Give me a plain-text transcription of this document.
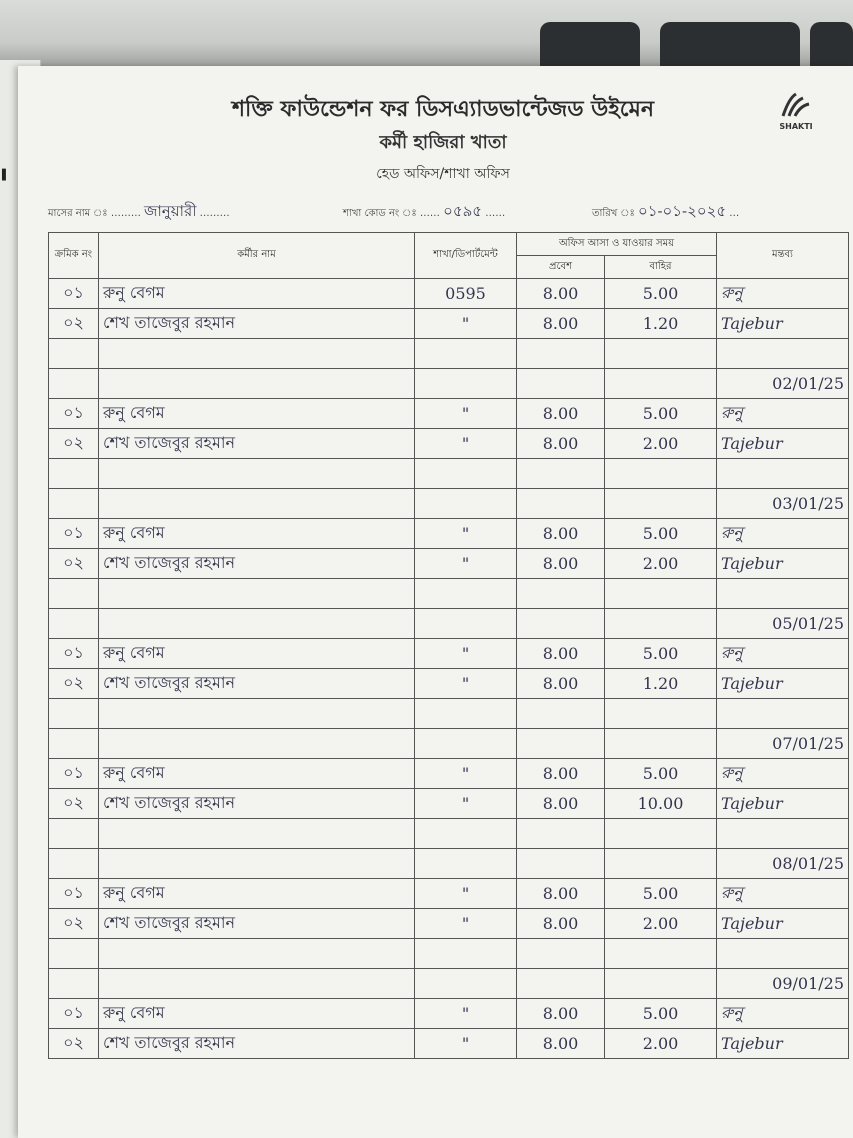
▌
শক্তি ফাউন্ডেশন ফর ডিসএ্যাডভান্টেজড উইমেন
কর্মী হাজিরা খাতা
হেড অফিস/শাখা অফিস
SHAKTI
মাসের নাম ঃ ……… জানুয়ারী ………	শাখা কোড নং ঃ …… ০৫৯৫ ……	তারিখ ঃ ০১-০১-২০২৫ …
ক্রমিক নং	কর্মীর নাম	শাখা/ডিপার্টমেন্ট	অফিস আসা ও যাওয়ার সময়		মন্তব্য
			প্রবেশ	বাহির	
০১	রুনু বেগম	0595	8.00	5.00	রুনু
০২	শেখ তাজেবুর রহমান	"	8.00	1.20	Tajebur

					02/01/25
০১	রুনু বেগম	"	8.00	5.00	রুনু
০২	শেখ তাজেবুর রহমান	"	8.00	2.00	Tajebur

					03/01/25
০১	রুনু বেগম	"	8.00	5.00	রুনু
০২	শেখ তাজেবুর রহমান	"	8.00	2.00	Tajebur

					05/01/25
০১	রুনু বেগম	"	8.00	5.00	রুনু
০২	শেখ তাজেবুর রহমান	"	8.00	1.20	Tajebur

					07/01/25
০১	রুনু বেগম	"	8.00	5.00	রুনু
০২	শেখ তাজেবুর রহমান	"	8.00	10.00	Tajebur

					08/01/25
০১	রুনু বেগম	"	8.00	5.00	রুনু
০২	শেখ তাজেবুর রহমান	"	8.00	2.00	Tajebur

					09/01/25
০১	রুনু বেগম	"	8.00	5.00	রুনু
০২	শেখ তাজেবুর রহমান	"	8.00	2.00	Tajebur
